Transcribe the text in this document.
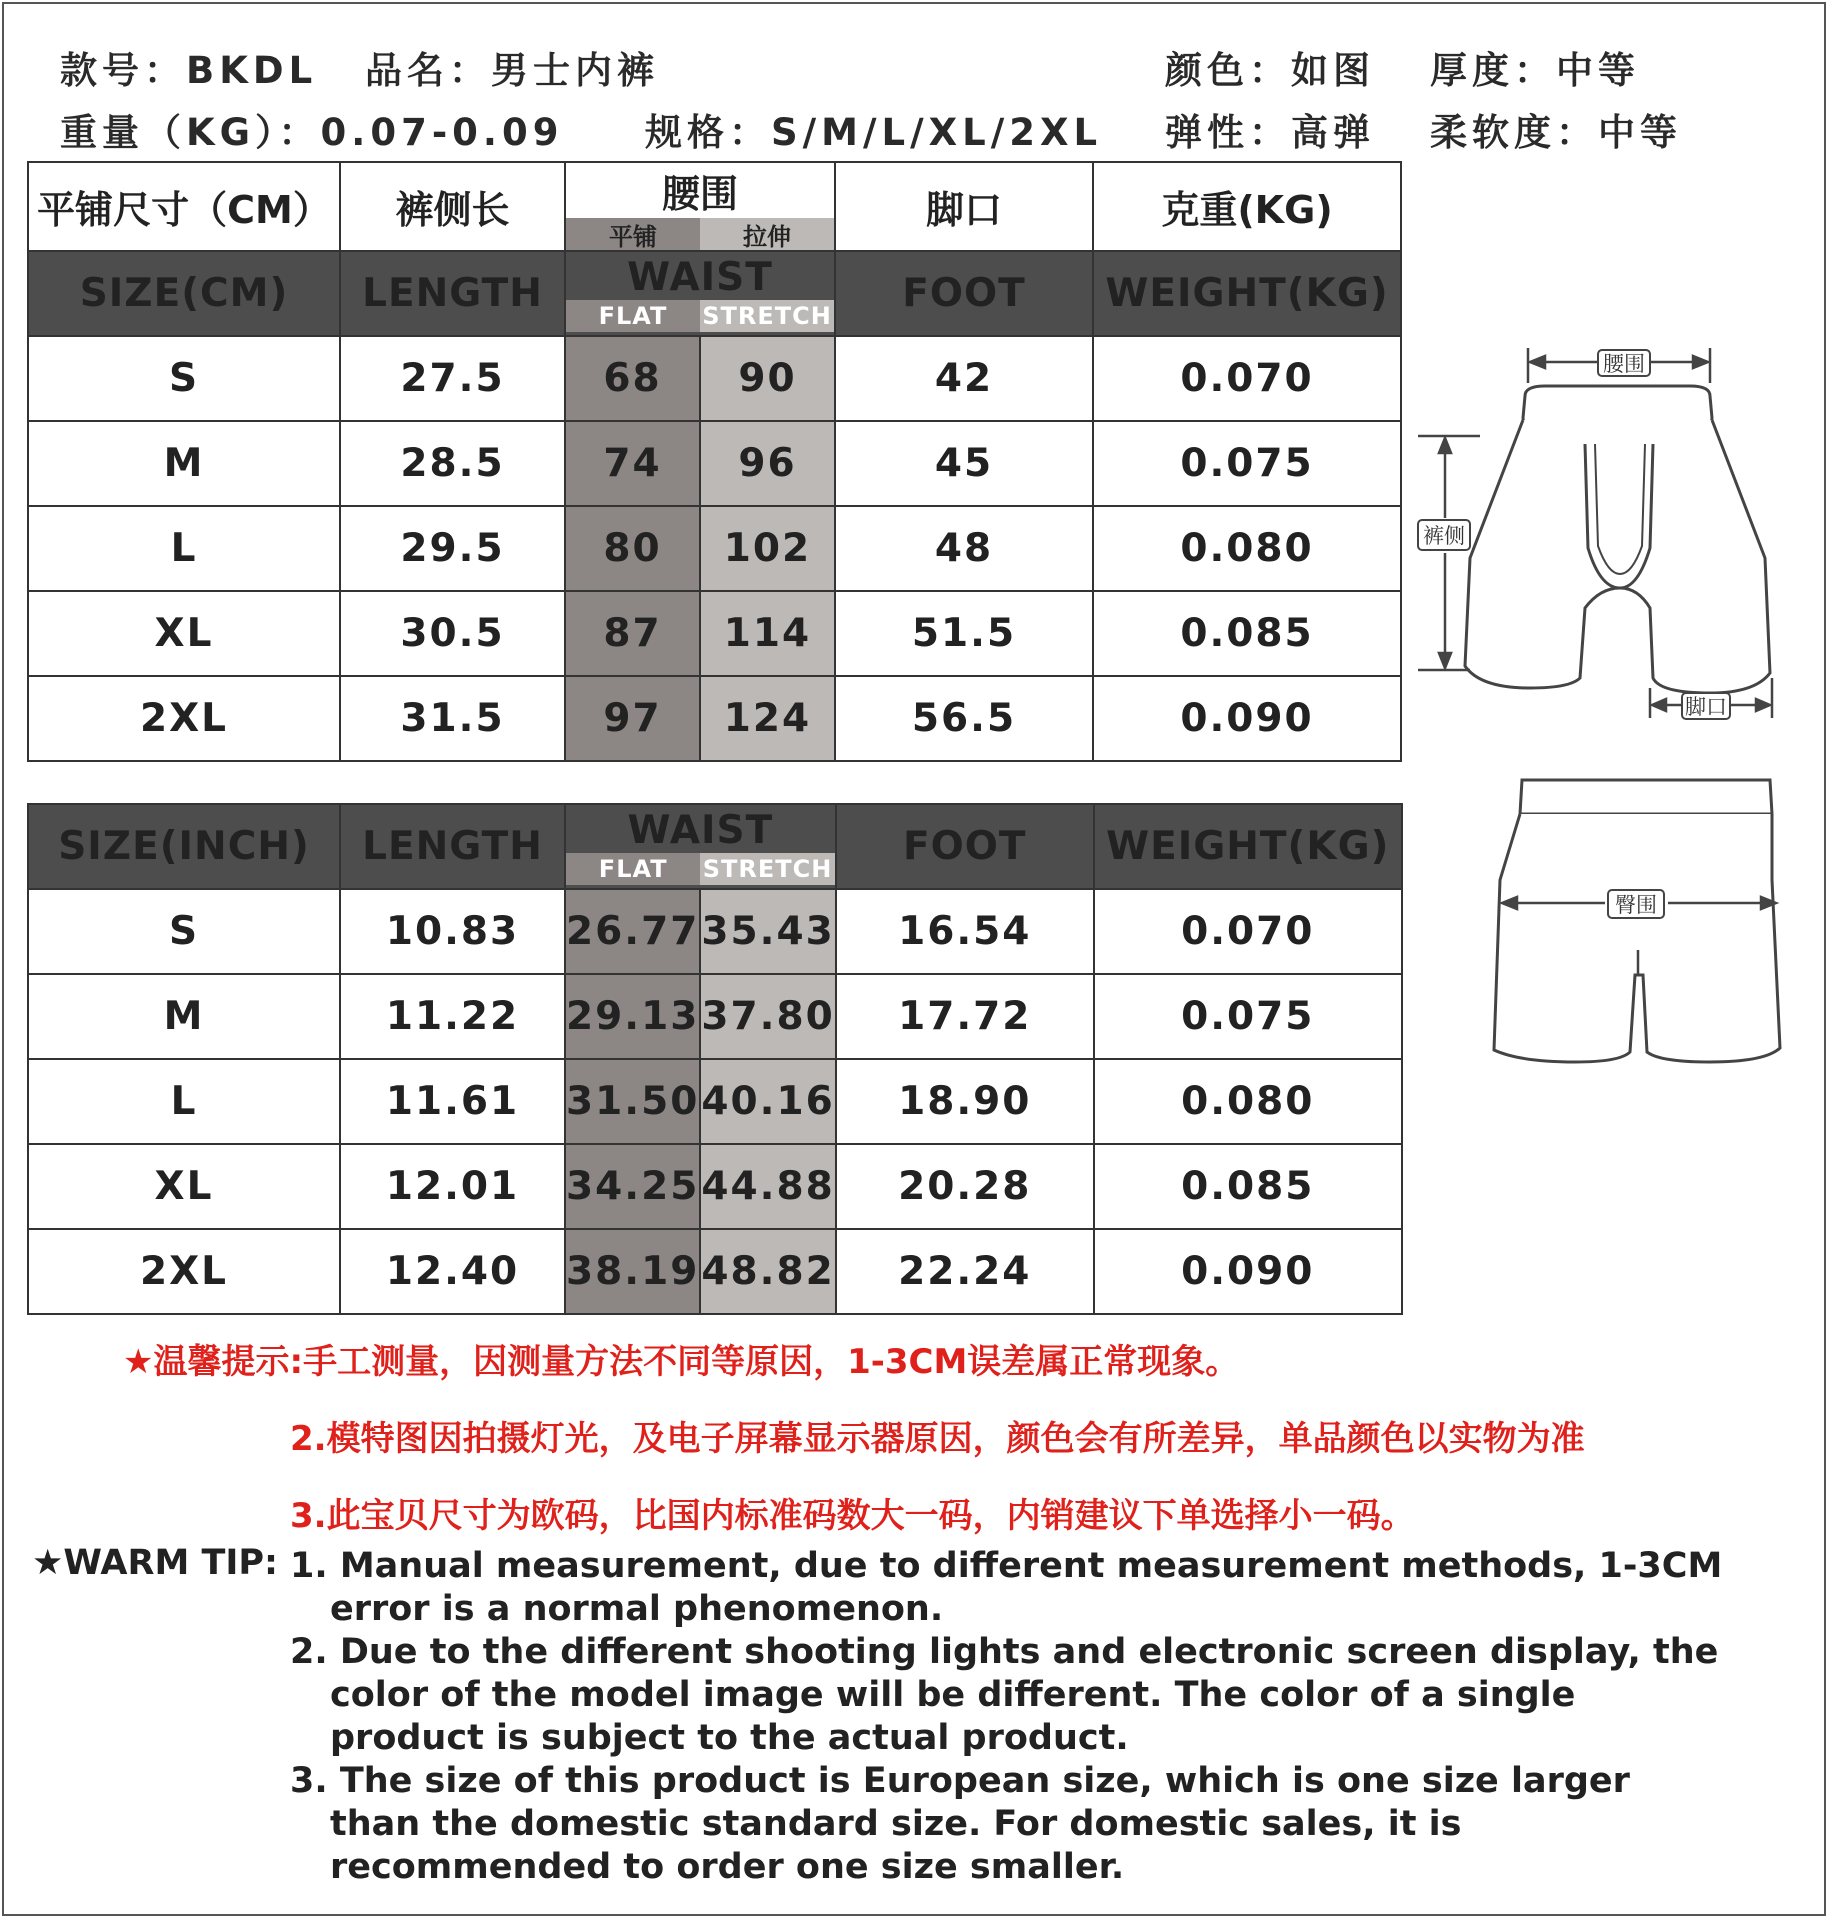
款号：BKDL 品名：男士内裤	颜色：如图 厚度：中等
重量（KG）：0.07-0.09 规格：S/M/L/XL/2XL 弹性：高弹 柔软度：中等
平铺尺寸（CM）	裤侧长	腰围
平铺 拉伸		脚口	克重(KG)
SIZE(CM)	LENGTH	WAIST
FLAT STRETCH		FOOT	WEIGHT(KG)
S	27.5	68	90	42	0.070
M	28.5	74	96	45	0.075
L	29.5	80	102	48	0.080
XL	30.5	87	114	51.5	0.085
2XL	31.5	97	124	56.5	0.090
SIZE(INCH)	LENGTH	WAIST
FLAT STRETCH		FOOT	WEIGHT(KG)
S	10.83	26.77	35.43	16.54	0.070
M	11.22	29.13	37.80	17.72	0.075
L	11.61	31.50	40.16	18.90	0.080
XL	12.01	34.25	44.88	20.28	0.085
2XL	12.40	38.19	48.82	22.24	0.090
腰围
裤侧
脚口
臀围
★温馨提示:手工测量，因测量方法不同等原因，1-3CM误差属正常现象。
2.模特图因拍摄灯光，及电子屏幕显示器原因，颜色会有所差异，单品颜色以实物为准
3.此宝贝尺寸为欧码，比国内标准码数大一码，内销建议下单选择小一码。
★WARM TIP: 1. Manual measurement, due to different measurement methods, 1-3CM error is a normal phenomenon.

2. Due to the different shooting lights and electronic screen display, the color of the model image will be different. The color of a single product is subject to the actual product.

3. The size of this product is European size, which is one size larger than the domestic standard size. For domestic sales, it is recommended to order one size smaller.
